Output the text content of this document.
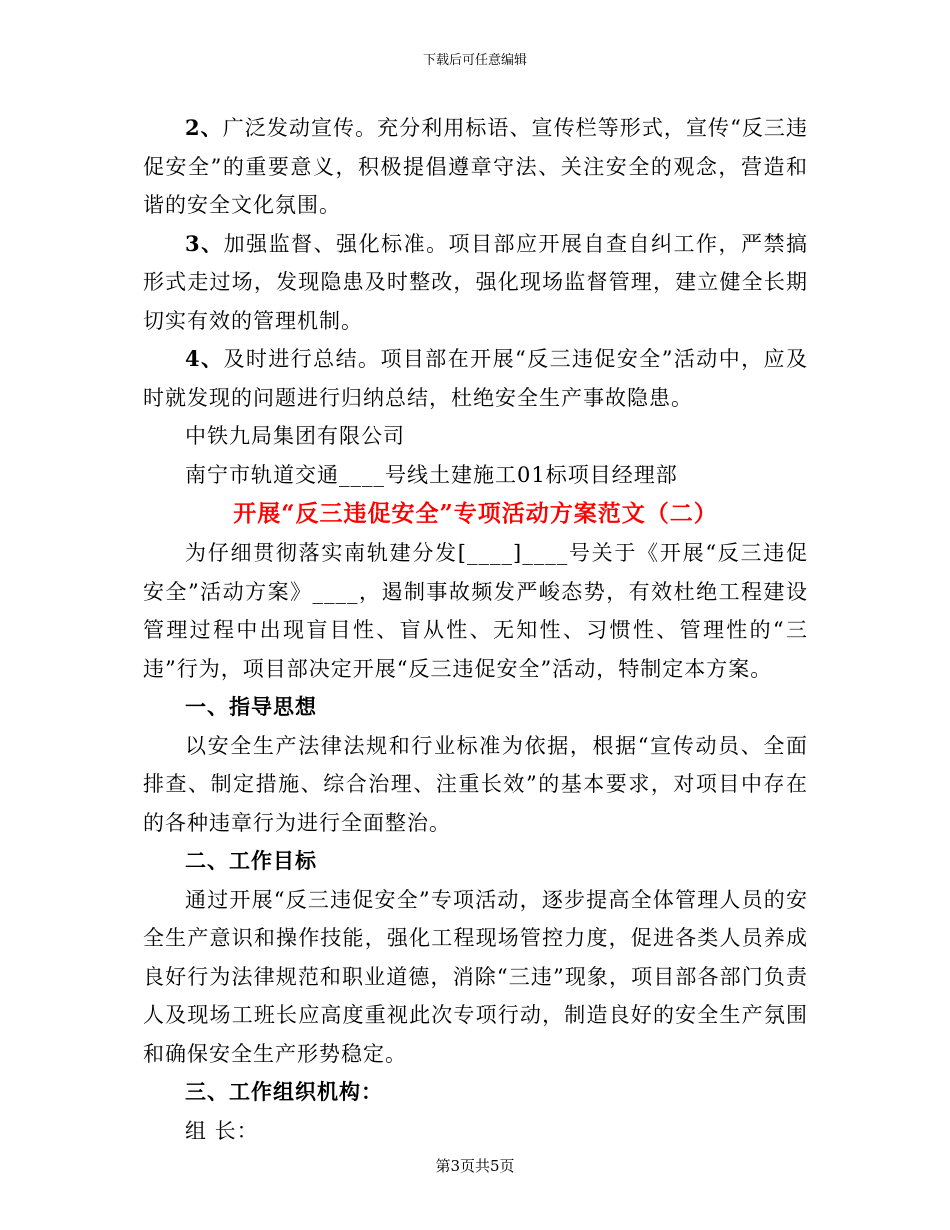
下载后可任意编辑

2、广泛发动宣传。充分利用标语、宣传栏等形式，宣传“反三违促安全”的重要意义，积极提倡遵章守法、关注安全的观念，营造和谐的安全文化氛围。

3、加强监督、强化标准。项目部应开展自查自纠工作，严禁搞形式走过场，发现隐患及时整改，强化现场监督管理，建立健全长期切实有效的管理机制。

4、及时进行总结。项目部在开展“反三违促安全”活动中，应及时就发现的问题进行归纳总结，杜绝安全生产事故隐患。

中铁九局集团有限公司

南宁市轨道交通____号线土建施工01标项目经理部

开展“反三违促安全”专项活动方案范文（二）

为仔细贯彻落实南轨建分发[____]____号关于《开展“反三违促安全”活动方案》____，遏制事故频发严峻态势，有效杜绝工程建设管理过程中出现盲目性、盲从性、无知性、习惯性、管理性的“三违”行为，项目部决定开展“反三违促安全”活动，特制定本方案。

一、指导思想

以安全生产法律法规和行业标准为依据，根据“宣传动员、全面排查、制定措施、综合治理、注重长效”的基本要求，对项目中存在的各种违章行为进行全面整治。

二、工作目标

通过开展“反三违促安全”专项活动，逐步提高全体管理人员的安全生产意识和操作技能，强化工程现场管控力度，促进各类人员养成良好行为法律规范和职业道德，消除“三违”现象，项目部各部门负责人及现场工班长应高度重视此次专项行动，制造良好的安全生产氛围和确保安全生产形势稳定。

三、工作组织机构：

组 长：

第3页共5页
